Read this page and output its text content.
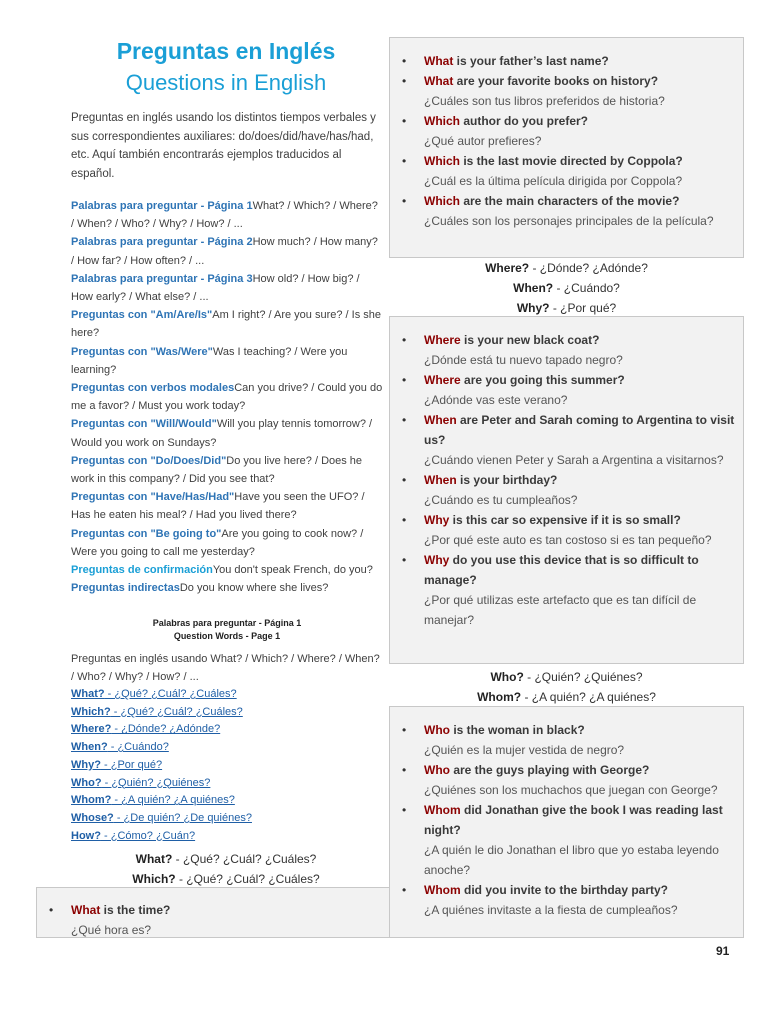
Preguntas en Inglés
Questions in English
Preguntas en inglés usando los distintos tiempos verbales y sus correspondientes auxiliares: do/does/did/have/has/had, etc. Aquí también encontrarás ejemplos traducidos al español.

Palabras para preguntar - Página 1What? / Which? / Where? / When? / Who? / Why? / How? / ...

Palabras para preguntar - Página 2How much? / How many? / How far? / How often? / ...

Palabras para preguntar - Página 3How old? / How big? / How early? / What else? / ...

Preguntas con "Am/Are/Is"Am I right? / Are you sure? / Is she here?

Preguntas con "Was/Were"Was I teaching? / Were you learning?

Preguntas con verbos modalesCan you drive? / Could you do me a favor? / Must you work today?

Preguntas con "Will/Would"Will you play tennis tomorrow? / Would you work on Sundays?

Preguntas con "Do/Does/Did"Do you live here? / Does he work in this company? / Did you see that?

Preguntas con "Have/Has/Had"Have you seen the UFO? / Has he eaten his meal? / Had you lived there?

Preguntas con "Be going to"Are you going to cook now? / Were you going to call me yesterday?

Preguntas de confirmaciónYou don't speak French, do you?

Preguntas indirectasDo you know where she lives?

Palabras para preguntar - Página 1
Question Words - Page 1
Preguntas en inglés usando What? / Which? / Where? / When? / Who? / Why? / How? / ...
What? - ¿Qué? ¿Cuál? ¿Cuáles?
Which? - ¿Qué? ¿Cuál? ¿Cuáles?
Where? - ¿Dónde? ¿Adónde?
When? - ¿Cuándo?
Why? - ¿Por qué?
Who? - ¿Quién? ¿Quiénes?
Whom? - ¿A quién? ¿A quiénes?
Whose? - ¿De quién? ¿De quiénes?
How? - ¿Cómo? ¿Cuán?
What? - ¿Qué? ¿Cuál? ¿Cuáles?
Which? - ¿Qué? ¿Cuál? ¿Cuáles?
• What is the time?
¿Qué hora es?
• What is your father’s last name?
• What are your favorite books on history?
¿Cuáles son tus libros preferidos de historia?
• Which author do you prefer?
¿Qué autor prefieres?
• Which is the last movie directed by Coppola?
¿Cuál es la última película dirigida por Coppola?
• Which are the main characters of the movie?
¿Cuáles son los personajes principales de la película?
Where? - ¿Dónde? ¿Adónde?
When? - ¿Cuándo?
Why? - ¿Por qué?
• Where is your new black coat?
¿Dónde está tu nuevo tapado negro?
• Where are you going this summer?
¿Adónde vas este verano?
• When are Peter and Sarah coming to Argentina to visit us?
¿Cuándo vienen Peter y Sarah a Argentina a visitarnos?
• When is your birthday?
¿Cuándo es tu cumpleaños?
• Why is this car so expensive if it is so small?
¿Por qué este auto es tan costoso si es tan pequeño?
• Why do you use this device that is so difficult to manage?
¿Por qué utilizas este artefacto que es tan difícil de manejar?
Who? - ¿Quién? ¿Quiénes?
Whom? - ¿A quién? ¿A quiénes?
• Who is the woman in black?
¿Quién es la mujer vestida de negro?
• Who are the guys playing with George?
¿Quiénes son los muchachos que juegan con George?
• Whom did Jonathan give the book I was reading last night?
¿A quién le dio Jonathan el libro que yo estaba leyendo anoche?
• Whom did you invite to the birthday party?
¿A quiénes invitaste a la fiesta de cumpleaños?
91
